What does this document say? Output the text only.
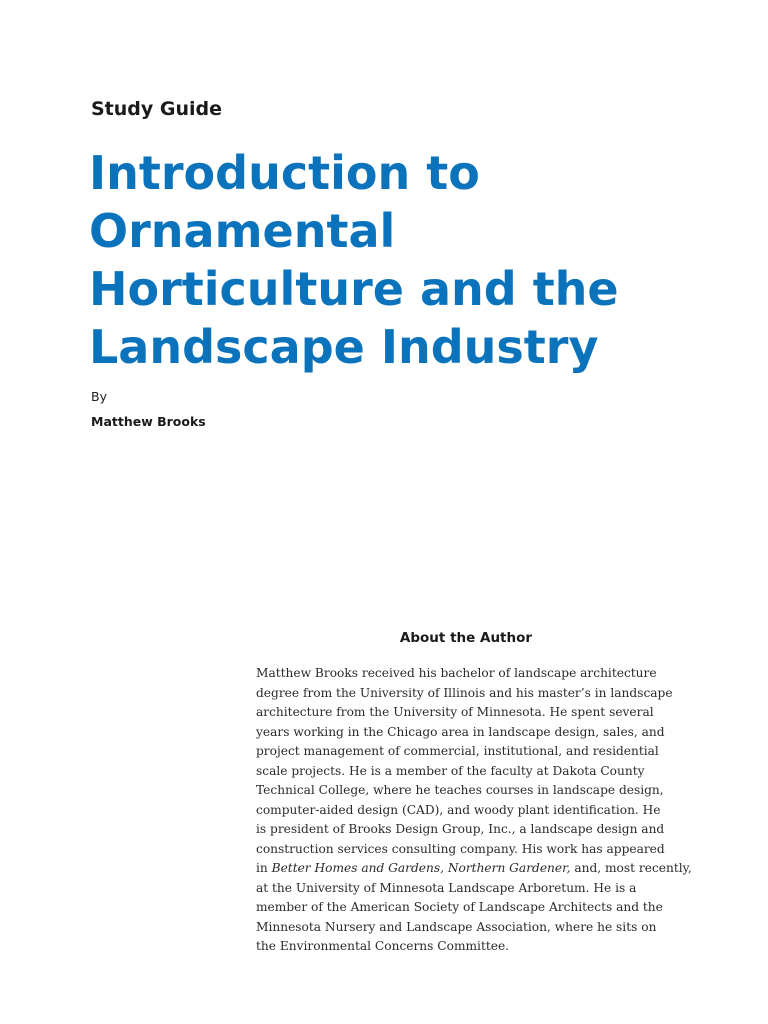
Study Guide

Introduction to
Ornamental
Horticulture and the
Landscape Industry

By

Matthew Brooks

About the Author
Matthew Brooks received his bachelor of landscape architecture
degree from the University of Illinois and his master’s in landscape
architecture from the University of Minnesota. He spent several
years working in the Chicago area in landscape design, sales, and
project management of commercial, institutional, and residential
scale projects. He is a member of the faculty at Dakota County
Technical College, where he teaches courses in landscape design,
computer-aided design (CAD), and woody plant identification. He
is president of Brooks Design Group, Inc., a landscape design and
construction services consulting company. His work has appeared
in Better Homes and Gardens, Northern Gardener, and, most recently,
at the University of Minnesota Landscape Arboretum. He is a
member of the American Society of Landscape Architects and the
Minnesota Nursery and Landscape Association, where he sits on
the Environmental Concerns Committee.
